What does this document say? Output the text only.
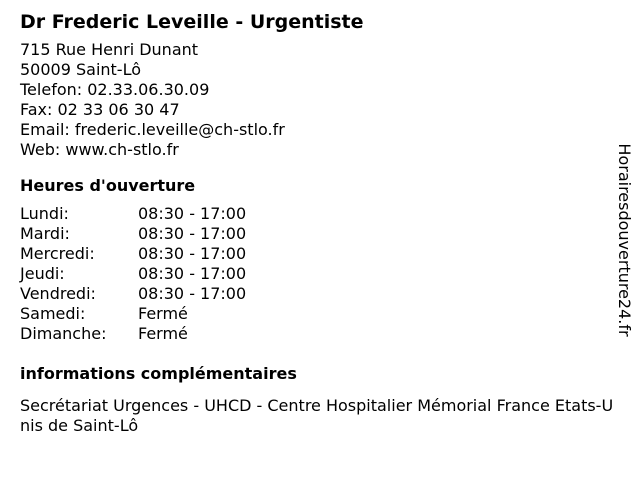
Dr Frederic Leveille - Urgentiste
715 Rue Henri Dunant
50009 Saint-Lô
Telefon: 02.33.06.30.09
Fax: 02 33 06 30 47
Email: frederic.leveille@ch-stlo.fr
Web: www.ch-stlo.fr
Heures d'ouverture
Lundi:	08:30 - 17:00
Mardi:	08:30 - 17:00
Mercredi:	08:30 - 17:00
Jeudi:	08:30 - 17:00
Vendredi:	08:30 - 17:00
Samedi:	Fermé
Dimanche:	Fermé
informations complémentaires
Secrétariat Urgences - UHCD - Centre Hospitalier Mémorial France Etats-Unis de Saint-Lô
Horairesdouverture24.fr
